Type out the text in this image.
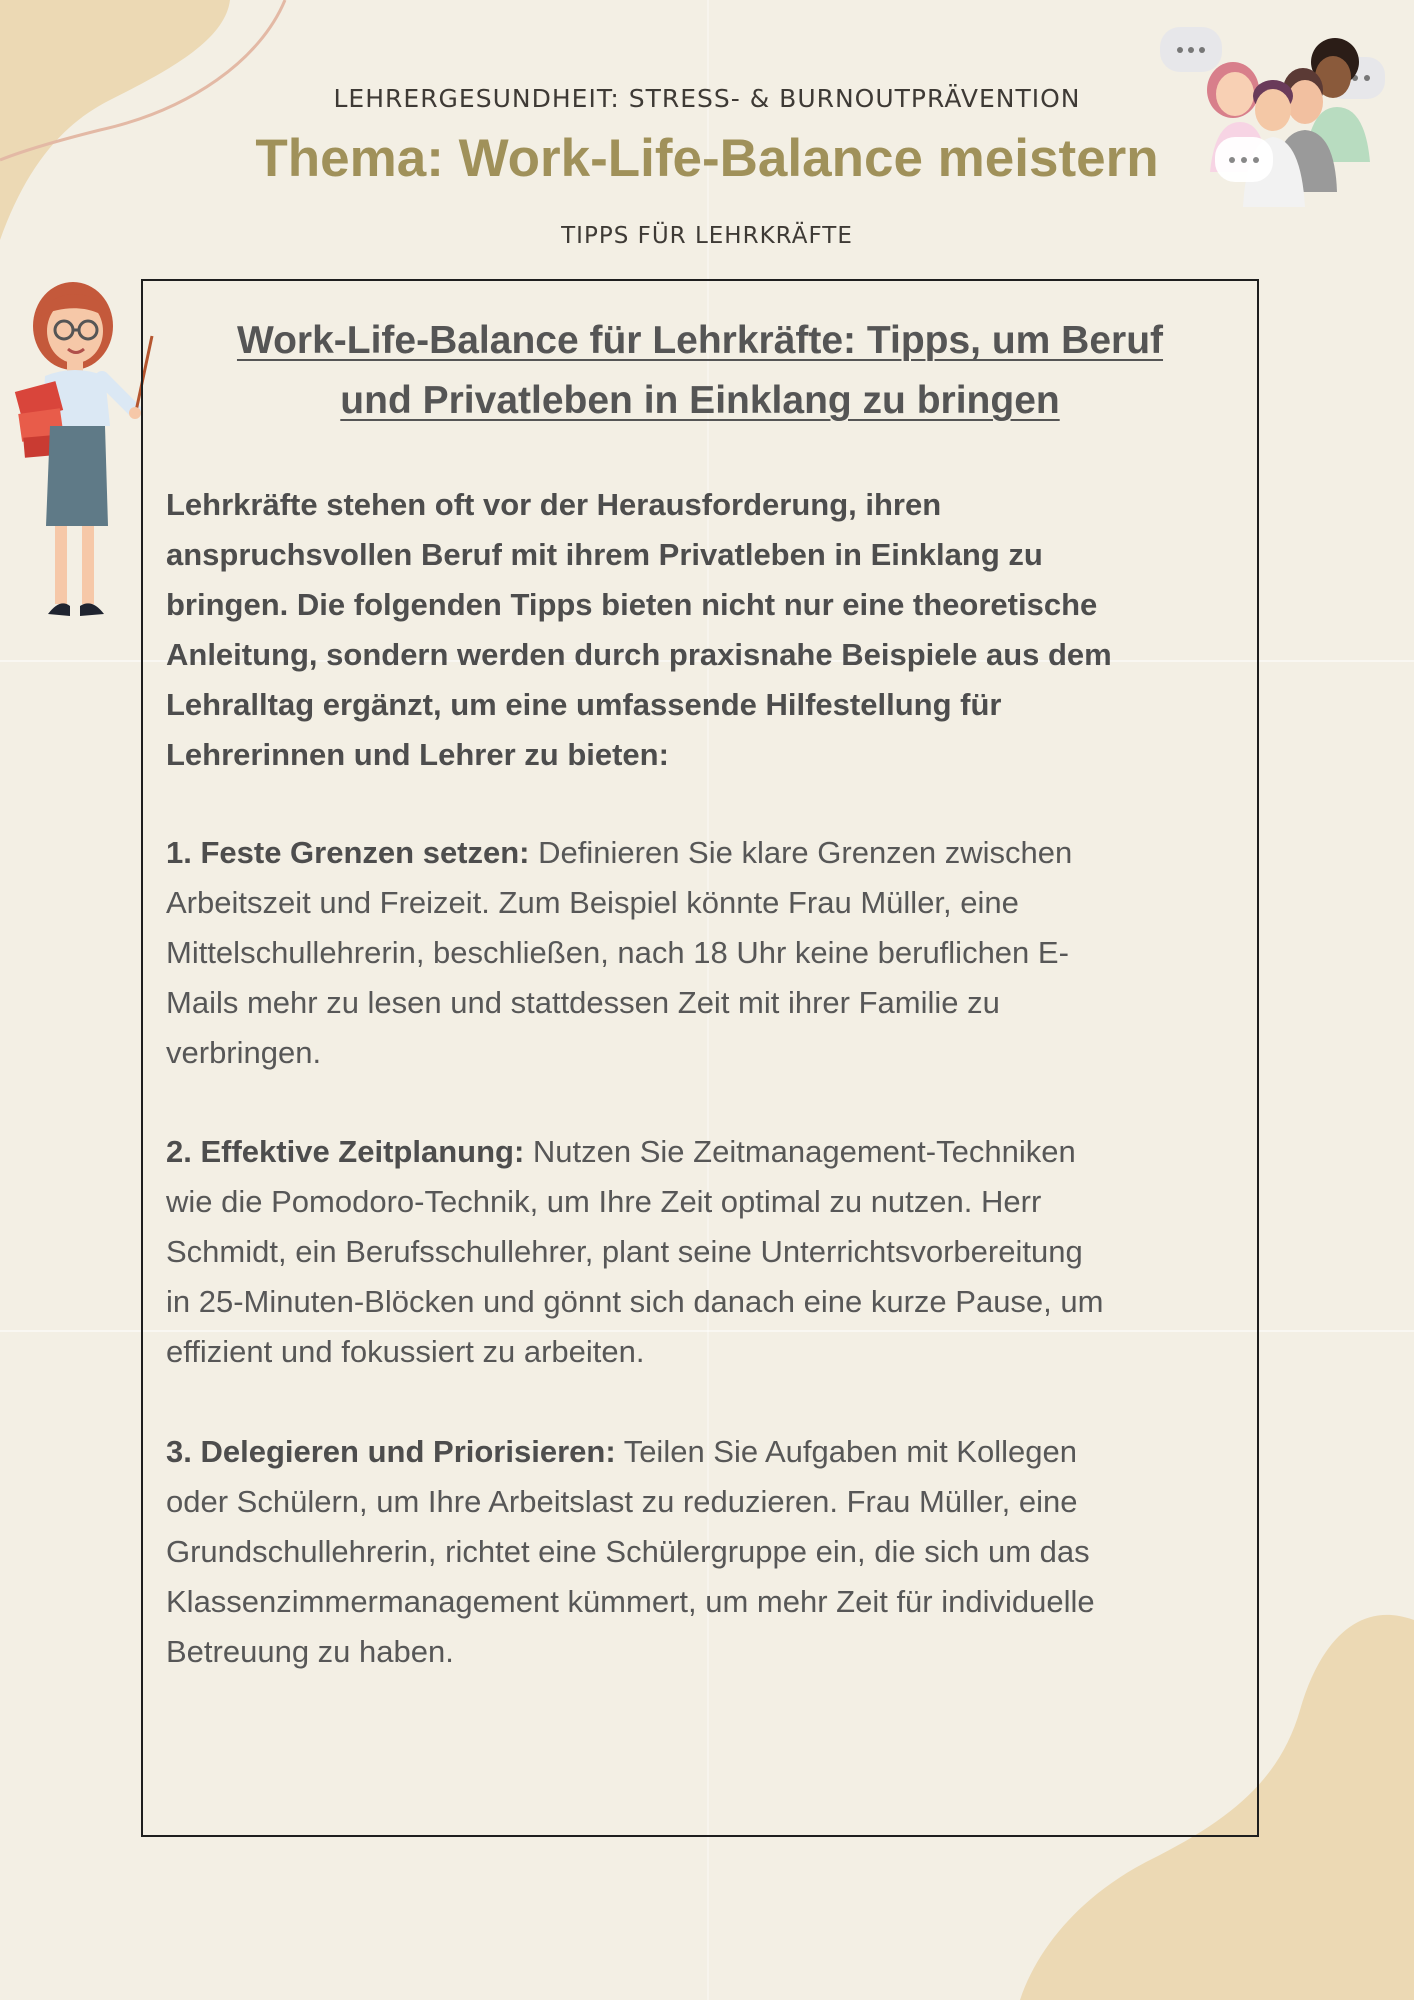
LEHRERGESUNDHEIT: STRESS- & BURNOUTPRÄVENTION
Thema: Work-Life-Balance meistern
TIPPS FÜR LEHRKRÄFTE
Work-Life-Balance für Lehrkräfte: Tipps, um Beruf
und Privatleben in Einklang zu bringen
Lehrkräfte stehen oft vor der Herausforderung, ihren
anspruchsvollen Beruf mit ihrem Privatleben in Einklang zu
bringen. Die folgenden Tipps bieten nicht nur eine theoretische
Anleitung, sondern werden durch praxisnahe Beispiele aus dem
Lehralltag ergänzt, um eine umfassende Hilfestellung für
Lehrerinnen und Lehrer zu bieten:
1. Feste Grenzen setzen: Definieren Sie klare Grenzen zwischen
Arbeitszeit und Freizeit. Zum Beispiel könnte Frau Müller, eine
Mittelschullehrerin, beschließen, nach 18 Uhr keine beruflichen E-
Mails mehr zu lesen und stattdessen Zeit mit ihrer Familie zu
verbringen.
2. Effektive Zeitplanung: Nutzen Sie Zeitmanagement-Techniken
wie die Pomodoro-Technik, um Ihre Zeit optimal zu nutzen. Herr
Schmidt, ein Berufsschullehrer, plant seine Unterrichtsvorbereitung
in 25-Minuten-Blöcken und gönnt sich danach eine kurze Pause, um
effizient und fokussiert zu arbeiten.
3. Delegieren und Priorisieren: Teilen Sie Aufgaben mit Kollegen
oder Schülern, um Ihre Arbeitslast zu reduzieren. Frau Müller, eine
Grundschullehrerin, richtet eine Schülergruppe ein, die sich um das
Klassenzimmermanagement kümmert, um mehr Zeit für individuelle
Betreuung zu haben.
